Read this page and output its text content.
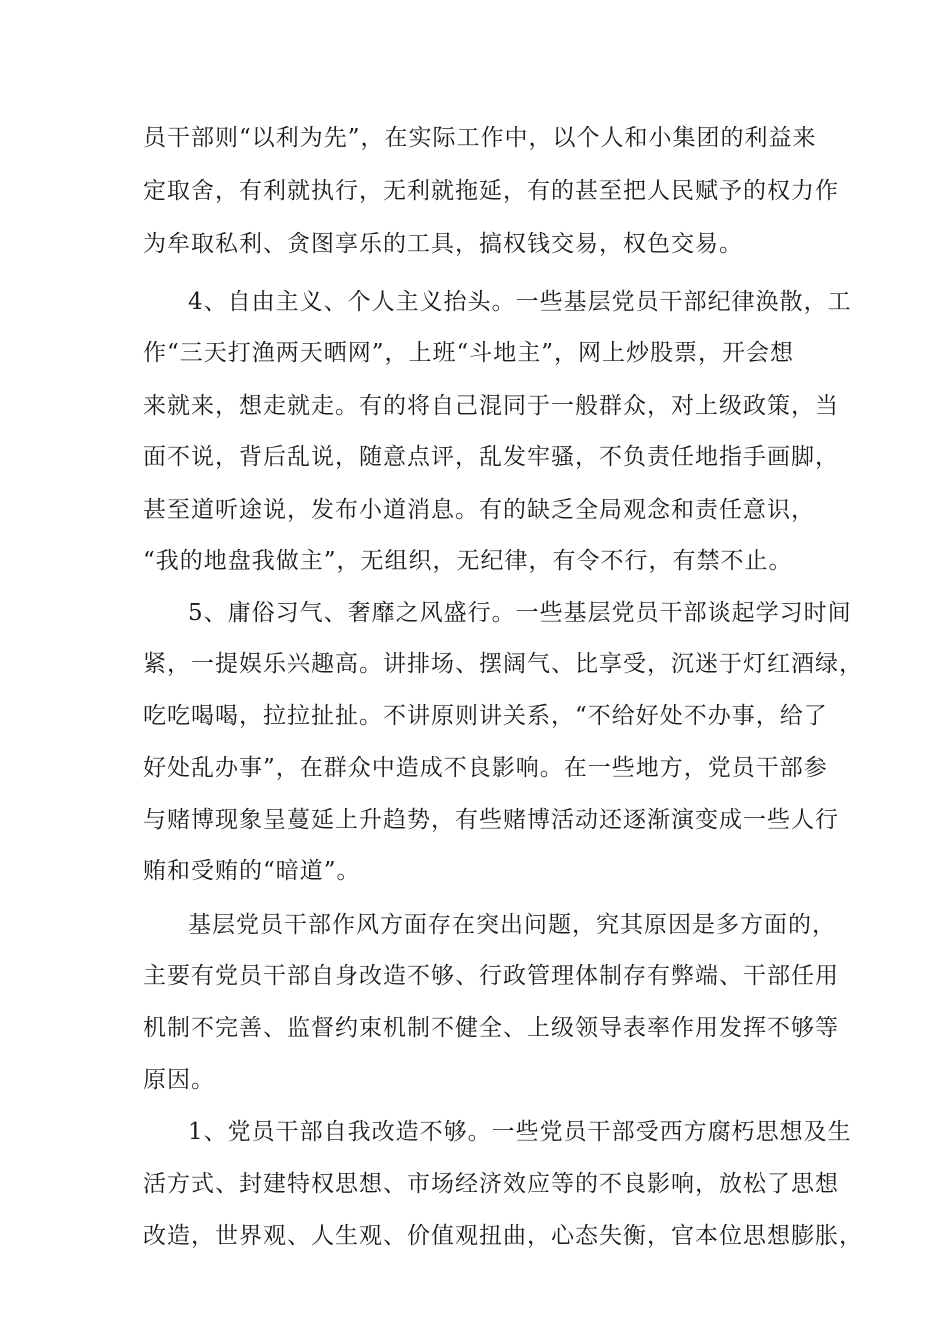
员干部则“以利为先”，在实际工作中，以个人和小集团的利益来
定取舍，有利就执行，无利就拖延，有的甚至把人民赋予的权力作
为牟取私利、贪图享乐的工具，搞权钱交易，权色交易。
4、自由主义、个人主义抬头。一些基层党员干部纪律涣散，工
作“三天打渔两天晒网”，上班“斗地主”，网上炒股票，开会想
来就来，想走就走。有的将自己混同于一般群众，对上级政策，当
面不说，背后乱说，随意点评，乱发牢骚，不负责任地指手画脚，
甚至道听途说，发布小道消息。有的缺乏全局观念和责任意识，
“我的地盘我做主”，无组织，无纪律，有令不行，有禁不止。
5、庸俗习气、奢靡之风盛行。一些基层党员干部谈起学习时间
紧，一提娱乐兴趣高。讲排场、摆阔气、比享受，沉迷于灯红酒绿，
吃吃喝喝，拉拉扯扯。不讲原则讲关系，“不给好处不办事，给了
好处乱办事”，在群众中造成不良影响。在一些地方，党员干部参
与赌博现象呈蔓延上升趋势，有些赌博活动还逐渐演变成一些人行
贿和受贿的“暗道”。
基层党员干部作风方面存在突出问题，究其原因是多方面的，
主要有党员干部自身改造不够、行政管理体制存有弊端、干部任用
机制不完善、监督约束机制不健全、上级领导表率作用发挥不够等
原因。
1、党员干部自我改造不够。一些党员干部受西方腐朽思想及生
活方式、封建特权思想、市场经济效应等的不良影响，放松了思想
改造，世界观、人生观、价值观扭曲，心态失衡，官本位思想膨胀，
